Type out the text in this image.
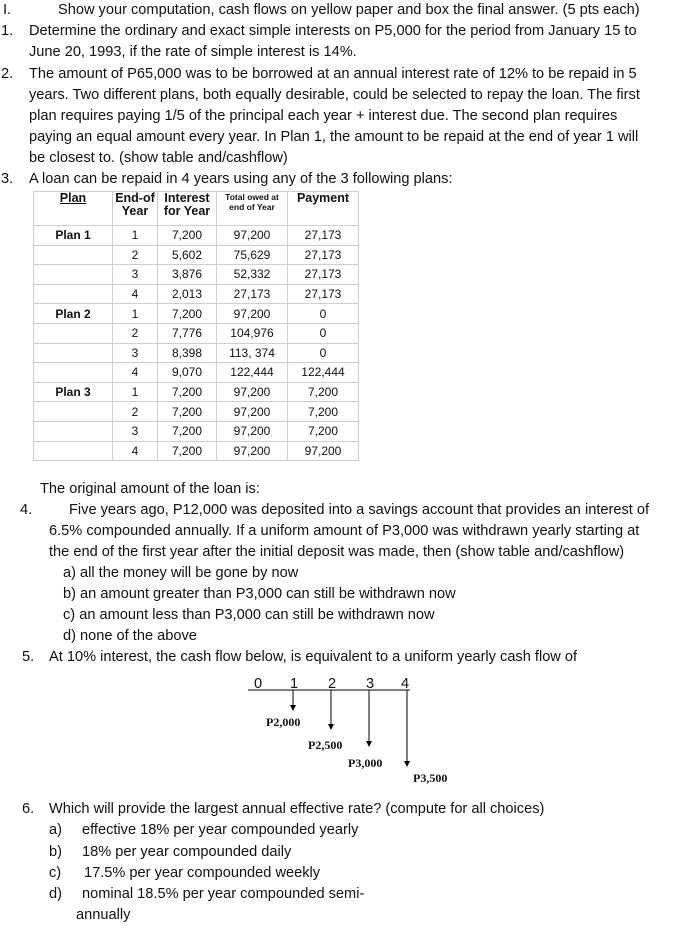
I.	Show your computation, cash flows on yellow paper and box the final answer. (5 pts each)
1. Determine the ordinary and exact simple interests on P5,000 for the period from January 15 to
June 20, 1993, if the rate of simple interest is 14%.
2. The amount of P65,000 was to be borrowed at an annual interest rate of 12% to be repaid in 5
years. Two different plans, both equally desirable, could be selected to repay the loan. The first
plan requires paying 1/5 of the principal each year + interest due. The second plan requires
paying an equal amount every year. In Plan 1, the amount to be repaid at the end of year 1 will
be closest to. (show table and/cashflow)
3. A loan can be repaid in 4 years using any of the 3 following plans:
Plan	End-of Year	Interest for Year	Total owed at end of Year	Payment
Plan 1	1	7,200	97,200	27,173
	2	5,602	75,629	27,173
	3	3,876	52,332	27,173
	4	2,013	27,173	27,173
Plan 2	1	7,200	97,200	0
	2	7,776	104,976	0
	3	8,398	113, 374	0
	4	9,070	122,444	122,444
Plan 3	1	7,200	97,200	7,200
	2	7,200	97,200	7,200
	3	7,200	97,200	7,200
	4	7,200	97,200	97,200
The original amount of the loan is:
4.	Five years ago, P12,000 was deposited into a savings account that provides an interest of
6.5% compounded annually. If a uniform amount of P3,000 was withdrawn yearly starting at
the end of the first year after the initial deposit was made, then (show table and/cashflow)
a) all the money will be gone by now
b) an amount greater than P3,000 can still be withdrawn now
c) an amount less than P3,000 can still be withdrawn now
d) none of the above
5. At 10% interest, the cash flow below, is equivalent to a uniform yearly cash flow of
0 1 2 3 4
P2,000
P2,500
P3,000
P3,500
6. Which will provide the largest annual effective rate? (compute for all choices)
a) effective 18% per year compounded yearly
b) 18% per year compounded daily
c) 17.5% per year compounded weekly
d) nominal 18.5% per year compounded semi-
annually
